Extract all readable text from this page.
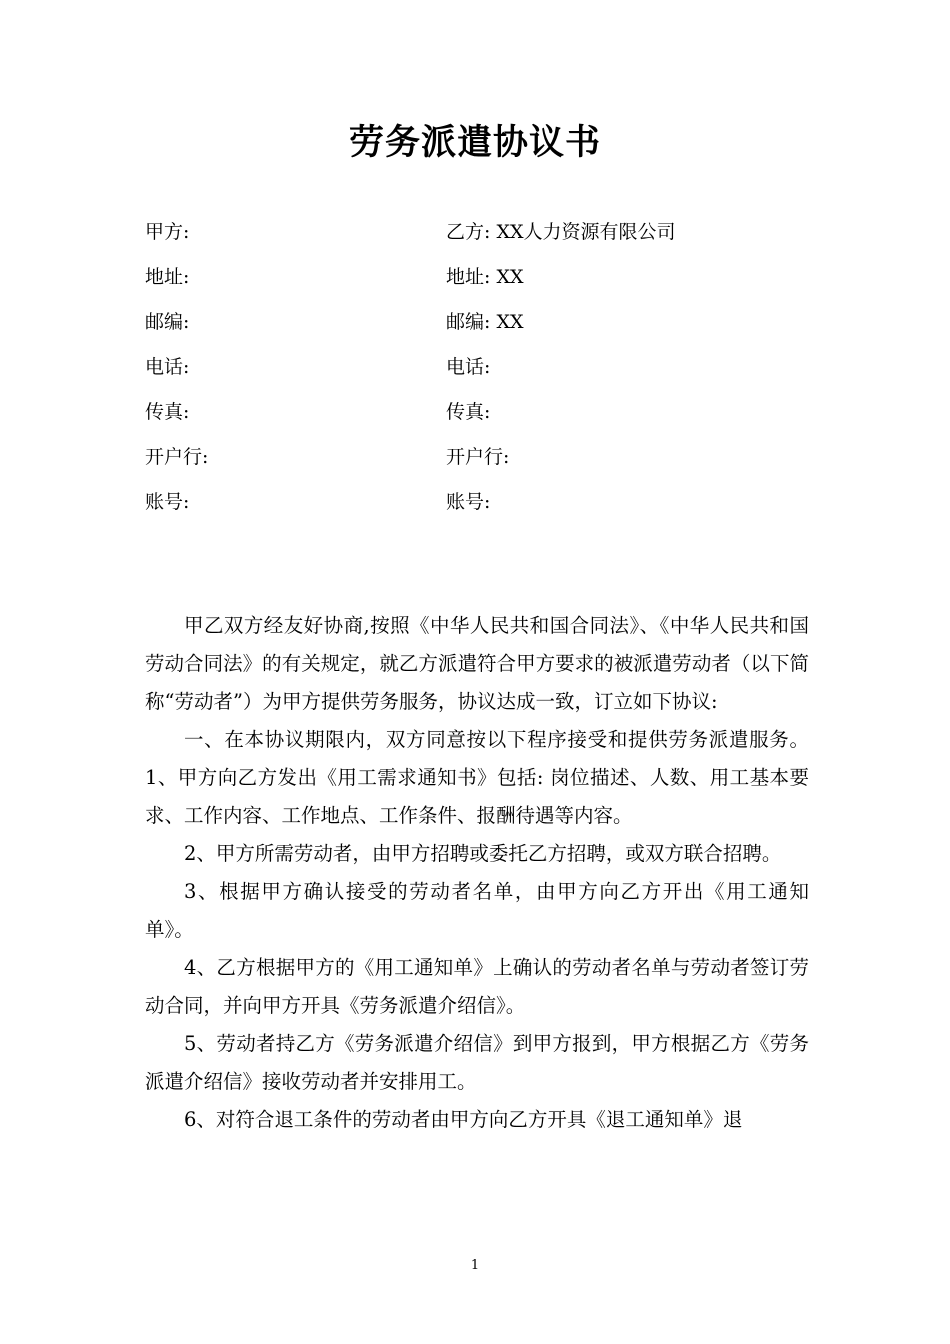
劳务派遣协议书
甲方:	乙方: XX人力资源有限公司
地址:	地址: XX
邮编:	邮编: XX
电话:	电话:
传真:	传真:
开户行:	开户行:
账号:	账号:

甲乙双方经友好协商,按照《中华人民共和国合同法》、《中华人民共和国劳动合同法》的有关规定，就乙方派遣符合甲方要求的被派遣劳动者（以下简称“劳动者”）为甲方提供劳务服务，协议达成一致，订立如下协议:

一、在本协议期限内，双方同意按以下程序接受和提供劳务派遣服务。1、甲方向乙方发出《用工需求通知书》包括: 岗位描述、人数、用工基本要求、工作内容、工作地点、工作条件、报酬待遇等内容。

2、甲方所需劳动者，由甲方招聘或委托乙方招聘，或双方联合招聘。

3、根据甲方确认接受的劳动者名单，由甲方向乙方开出《用工通知单》。

4、乙方根据甲方的《用工通知单》上确认的劳动者名单与劳动者签订劳动合同，并向甲方开具《劳务派遣介绍信》。

5、劳动者持乙方《劳务派遣介绍信》到甲方报到，甲方根据乙方《劳务派遣介绍信》接收劳动者并安排用工。

6、对符合退工条件的劳动者由甲方向乙方开具《退工通知单》退

1
